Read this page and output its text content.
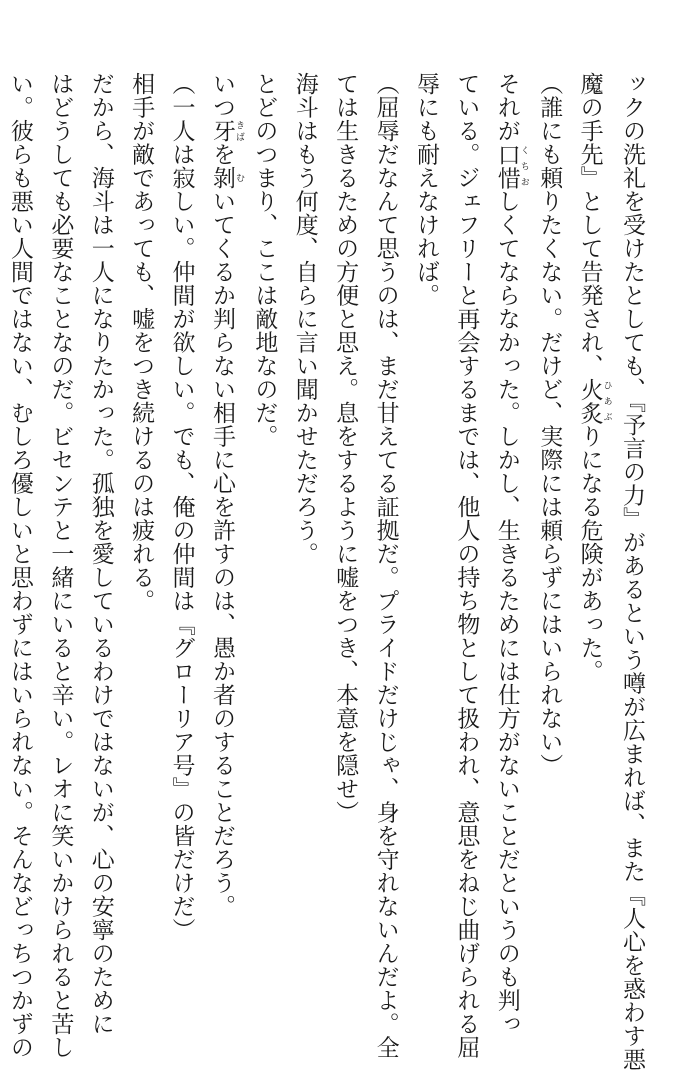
ックの洗礼を受けたとしても、『予言の力』があるという噂が広まれば、また『人心を惑わす悪
魔の手先』として告発され、火炙 ひあぶりになる危険があった。
（誰にも頼りたくない。だけど、実際には頼らずにはいられない）
それが口惜 くちおしくてならなかった。しかし、生きるためには仕方がないことだというのも判っ
ている。ジェフリーと再会するまでは、他人の持ち物として扱われ、意思をねじ曲げられる屈
辱にも耐えなければ。
（屈辱だなんて思うのは、まだ甘えてる証拠だ。プライドだけじゃ、身を守れないんだよ。全
ては生きるための方便と思え。息をするように嘘をつき、本意を隠せ）
海斗はもう何度、自らに言い聞かせただろう。
とどのつまり、ここは敵地なのだ。
いつ牙 きばを剝 むいてくるか判らない相手に心を許すのは、愚か者のすることだろう。
（一人は寂しい。仲間が欲しい。でも、俺の仲間は『グローリア号』の皆だけだ）
相手が敵であっても、嘘をつき続けるのは疲れる。
だから、海斗は一人になりたかった。孤独を愛しているわけではないが、心の安寧のために
はどうしても必要なことなのだ。ビセンテと一緒にいると辛い。レオに笑いかけられると苦し
い。彼らも悪い人間ではない、むしろ優しいと思わずにはいられない。そんなどっちつかずの
